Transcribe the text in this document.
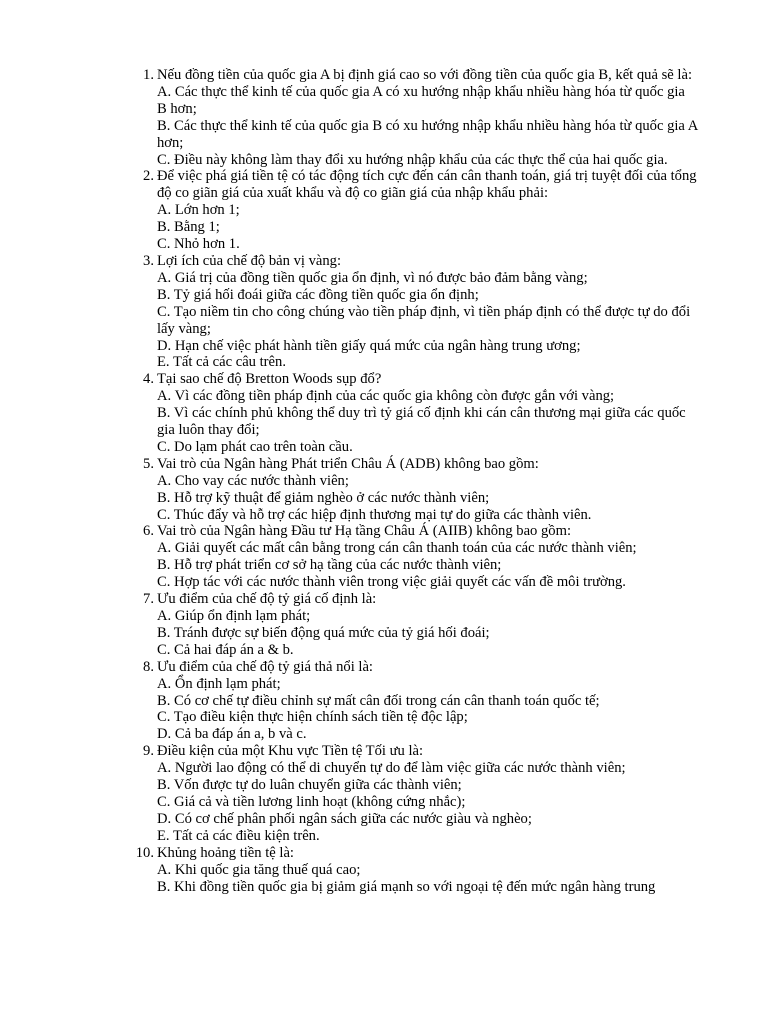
1. Nếu đồng tiền của quốc gia A bị định giá cao so với đồng tiền của quốc gia B, kết quả sẽ là:
A. Các thực thể kinh tế của quốc gia A có xu hướng nhập khẩu nhiều hàng hóa từ quốc gia B hơn;
B. Các thực thể kinh tế của quốc gia B có xu hướng nhập khẩu nhiều hàng hóa từ quốc gia A hơn;
C. Điều này không làm thay đổi xu hướng nhập khẩu của các thực thể của hai quốc gia.
2. Để việc phá giá tiền tệ có tác động tích cực đến cán cân thanh toán, giá trị tuyệt đối của tổng độ co giãn giá của xuất khẩu và độ co giãn giá của nhập khẩu phải:
A. Lớn hơn 1;
B. Bằng 1;
C. Nhỏ hơn 1.
3. Lợi ích của chế độ bản vị vàng:
A. Giá trị của đồng tiền quốc gia ổn định, vì nó được bảo đảm bằng vàng;
B. Tỷ giá hối đoái giữa các đồng tiền quốc gia ổn định;
C. Tạo niềm tin cho công chúng vào tiền pháp định, vì tiền pháp định có thể được tự do đổi lấy vàng;
D. Hạn chế việc phát hành tiền giấy quá mức của ngân hàng trung ương;
E. Tất cả các câu trên.
4. Tại sao chế độ Bretton Woods sụp đổ?
A. Vì các đồng tiền pháp định của các quốc gia không còn được gắn với vàng;
B. Vì các chính phủ không thể duy trì tỷ giá cố định khi cán cân thương mại giữa các quốc gia luôn thay đổi;
C. Do lạm phát cao trên toàn cầu.
5. Vai trò của Ngân hàng Phát triển Châu Á (ADB) không bao gồm:
A. Cho vay các nước thành viên;
B. Hỗ trợ kỹ thuật để giảm nghèo ở các nước thành viên;
C. Thúc đẩy và hỗ trợ các hiệp định thương mại tự do giữa các thành viên.
6. Vai trò của Ngân hàng Đầu tư Hạ tầng Châu Á (AIIB) không bao gồm:
A. Giải quyết các mất cân bằng trong cán cân thanh toán của các nước thành viên;
B. Hỗ trợ phát triển cơ sở hạ tầng của các nước thành viên;
C. Hợp tác với các nước thành viên trong việc giải quyết các vấn đề môi trường.
7. Ưu điểm của chế độ tỷ giá cố định là:
A. Giúp ổn định lạm phát;
B. Tránh được sự biến động quá mức của tỷ giá hối đoái;
C. Cả hai đáp án a & b.
8. Ưu điểm của chế độ tỷ giá thả nổi là:
A. Ổn định lạm phát;
B. Có cơ chế tự điều chỉnh sự mất cân đối trong cán cân thanh toán quốc tế;
C. Tạo điều kiện thực hiện chính sách tiền tệ độc lập;
D. Cả ba đáp án a, b và c.
9. Điều kiện của một Khu vực Tiền tệ Tối ưu là:
A. Người lao động có thể di chuyển tự do để làm việc giữa các nước thành viên;
B. Vốn được tự do luân chuyển giữa các thành viên;
C. Giá cả và tiền lương linh hoạt (không cứng nhắc);
D. Có cơ chế phân phối ngân sách giữa các nước giàu và nghèo;
E. Tất cả các điều kiện trên.
10. Khủng hoảng tiền tệ là:
A. Khi quốc gia tăng thuế quá cao;
B. Khi đồng tiền quốc gia bị giảm giá mạnh so với ngoại tệ đến mức ngân hàng trung
